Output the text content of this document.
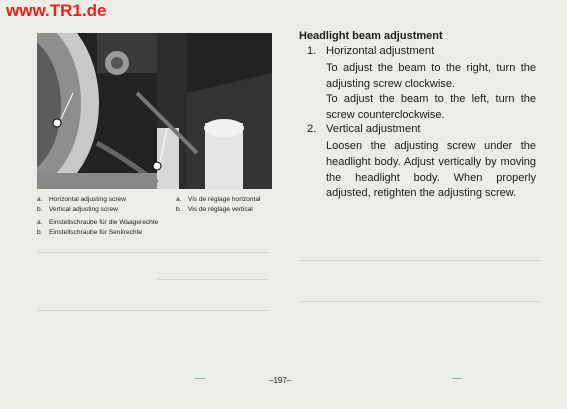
www.TR1.de
a. Horizontal adjusting screw
b. Vertical adjusting screw
a. Vis de réglage horizontal
b. Vis de réglage vertical
a. Einstellschraube für die Waagerechte
b. Einstellschraube für Senkrechte
Headlight beam adjustment
1. Horizontal adjustment
To adjust the beam to the right, turn the adjusting screw clockwise.
To adjust the beam to the left, turn the screw counterclockwise.
2. Vertical adjustment
Loosen the adjusting screw under the headlight body. Adjust vertically by moving the headlight body. When properly adjusted, retighten the adjusting screw.
–197–
